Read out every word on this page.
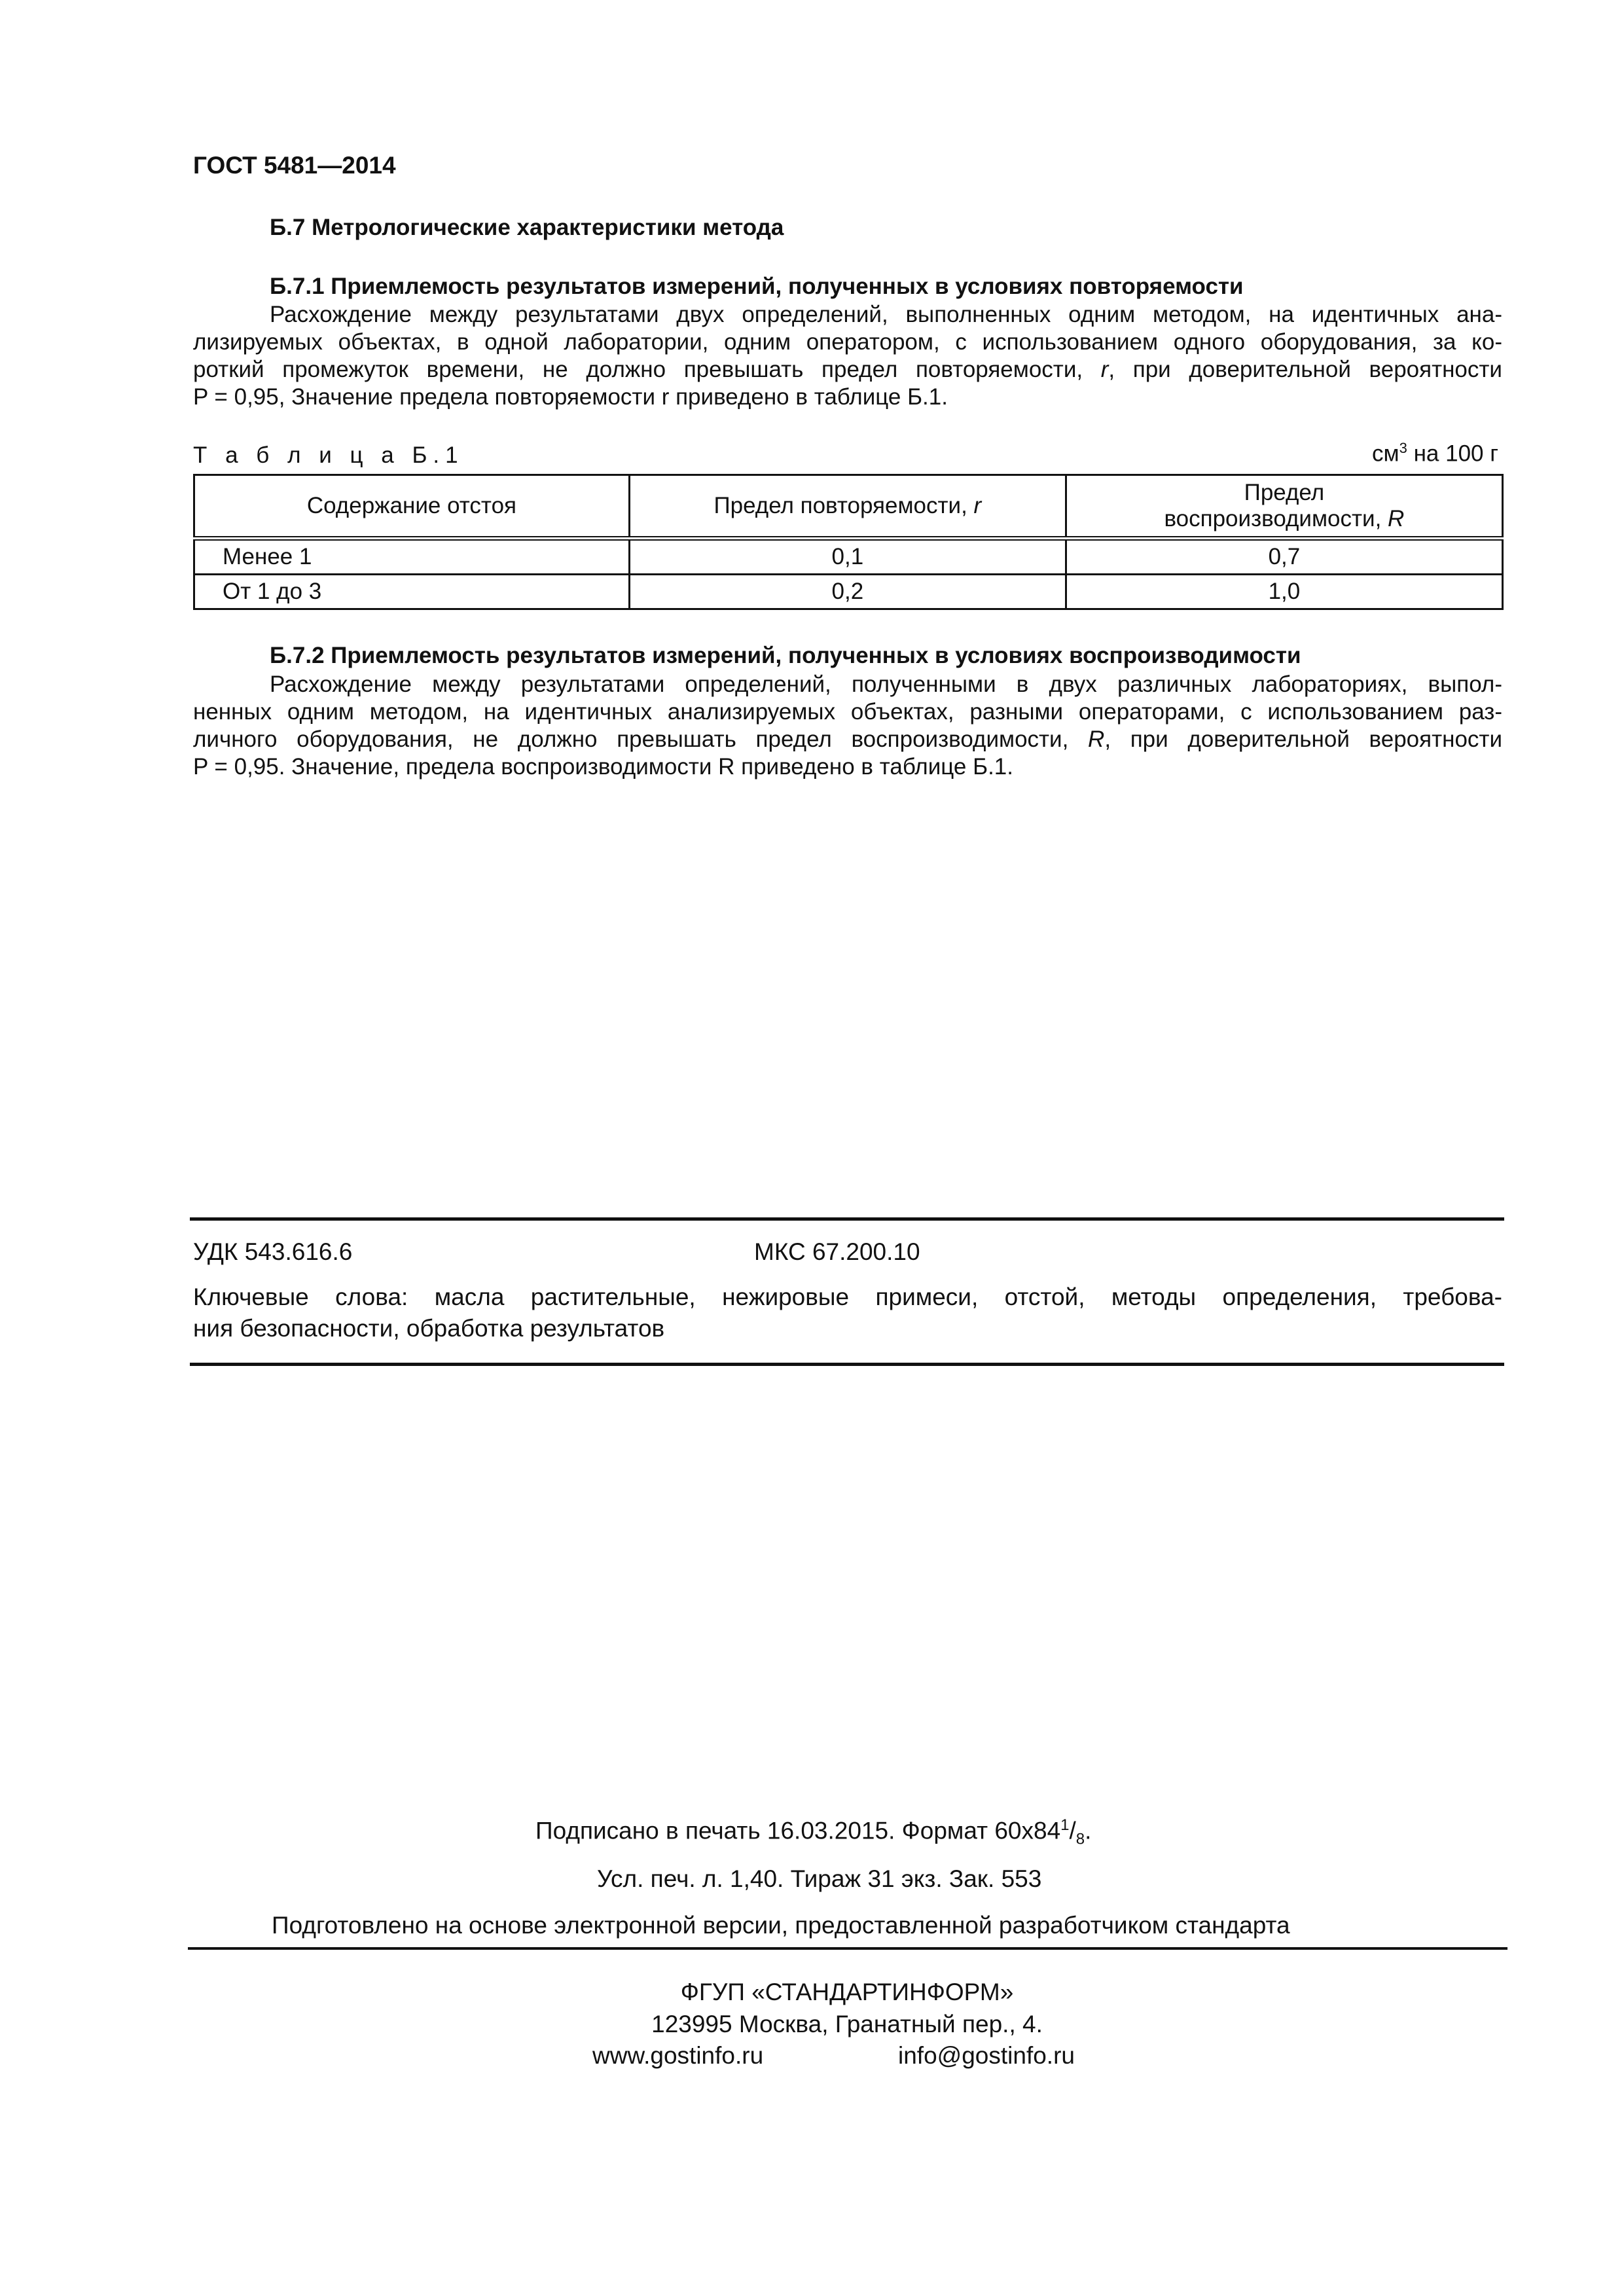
ГОСТ 5481—2014
Б.7 Метрологические характеристики метода
Б.7.1 Приемлемость результатов измерений, полученных в условиях повторяемости
Расхождение между результатами двух определений, выполненных одним методом, на идентичных ана-
лизируемых объектах, в одной лаборатории, одним оператором, с использованием одного оборудования, за ко-
роткий промежуток времени, не должно превышать предел повторяемости, r, при доверительной вероятности
P = 0,95, Значение предела повторяемости r приведено в таблице Б.1.
Т а б л и ц а Б.1	$см^3$ на 100 г
Содержание отстоя	Предел повторяемости, r	Предел
воспроизводимости, R
Менее 1	0,1	0,7
От 1 до 3	0,2	1,0
Б.7.2 Приемлемость результатов измерений, полученных в условиях воспроизводимости
Расхождение между результатами определений, полученными в двух различных лабораториях, выпол-
ненных одним методом, на идентичных анализируемых объектах, разными операторами, с использованием раз-
личного оборудования, не должно превышать предел воспроизводимости, R, при доверительной вероятности
P = 0,95. Значение, предела воспроизводимости R приведено в таблице Б.1.
УДК 543.616.6	МКС 67.200.10
Ключевые слова: масла растительные, нежировые примеси, отстой, методы определения, требова-
ния безопасности, обработка результатов
Подписано в печать 16.03.2015. Формат $60x84^1/_8$.
Усл. печ. л. 1,40. Тираж 31 экз. Зак. 553
Подготовлено на основе электронной версии, предоставленной разработчиком стандарта
ФГУП «СТАНДАРТИНФОРМ»
123995 Москва, Гранатный пер., 4.
www.gostinfo.ru	info@gostinfo.ru
